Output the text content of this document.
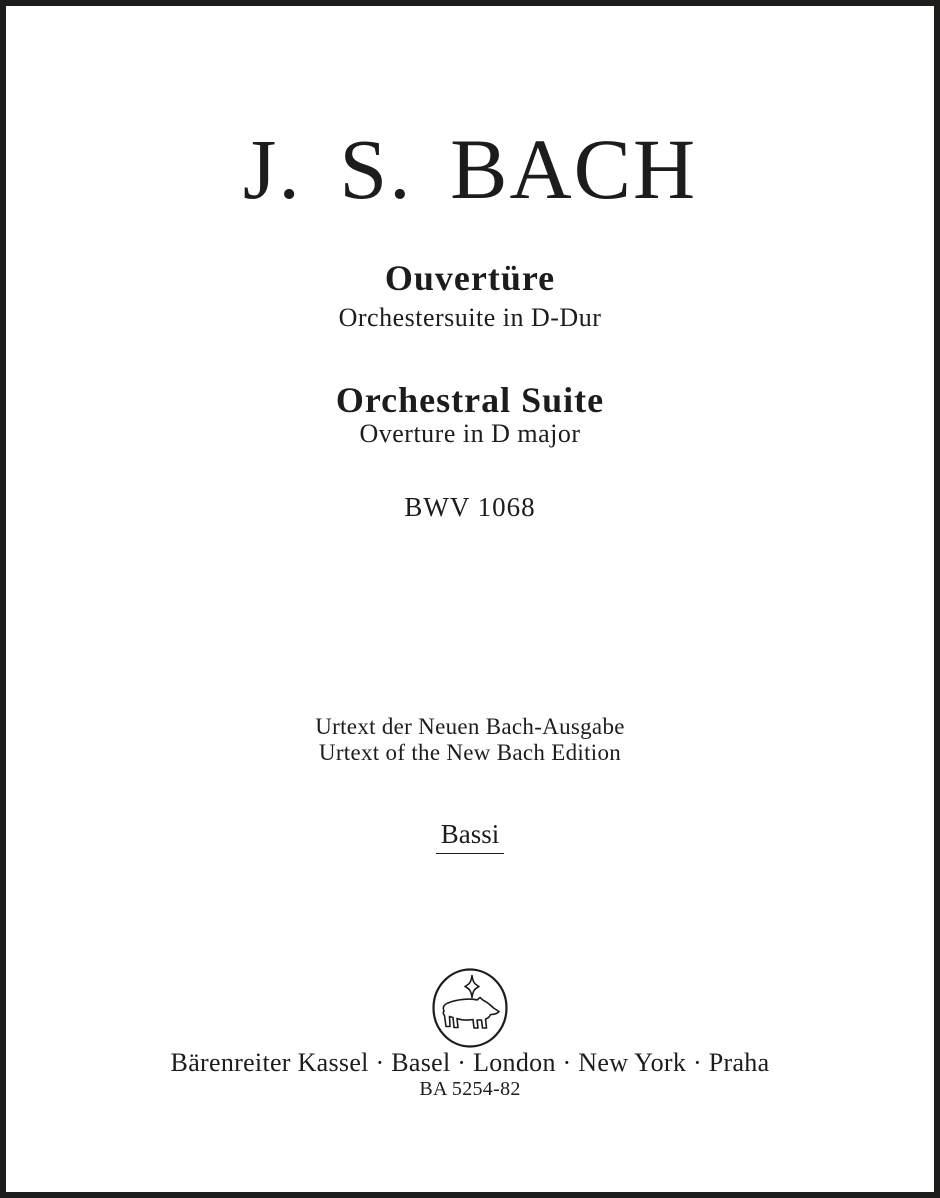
J. S. BACH
Ouvertüre
Orchestersuite in D-Dur
Orchestral Suite
Overture in D major
BWV 1068
Urtext der Neuen Bach-Ausgabe
Urtext of the New Bach Edition
Bassi
Bärenreiter Kassel · Basel · London · New York · Praha
BA 5254-82
